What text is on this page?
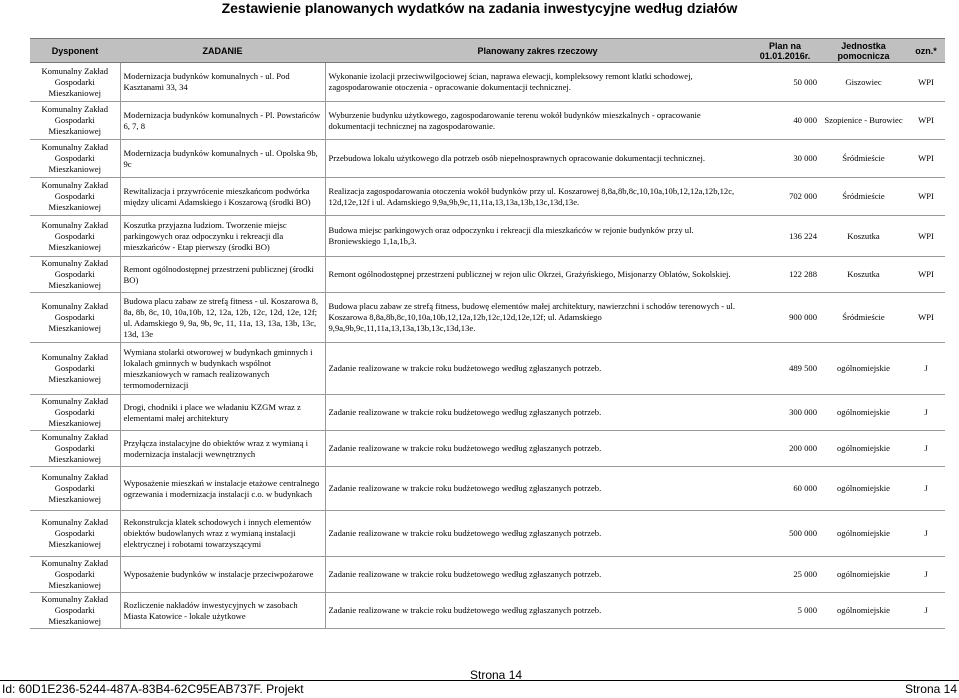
Zestawienie planowanych wydatków na zadania inwestycyjne według działów
Dysponent	ZADANIE	Planowany zakres rzeczowy	Plan na 01.01.2016r.	Jednostka pomocnicza	ozn.*
Komunalny Zakład Gospodarki Mieszkaniowej	Modernizacja budynków komunalnych - ul. Pod Kasztanami 33, 34	Wykonanie izolacji przeciwwilgociowej ścian, naprawa elewacji, kompleksowy remont klatki schodowej, zagospodarowanie otoczenia - opracowanie dokumentacji technicznej.	50 000	Giszowiec	WPI
Komunalny Zakład Gospodarki Mieszkaniowej	Modernizacja budynków komunalnych - Pl. Powstańców 6, 7, 8	Wyburzenie budynku użytkowego, zagospodarowanie terenu wokół budynków mieszkalnych - opracowanie dokumentacji technicznej na zagospodarowanie.	40 000	Szopienice - Burowiec	WPI
Komunalny Zakład Gospodarki Mieszkaniowej	Modernizacja budynków komunalnych - ul. Opolska 9b, 9c	Przebudowa lokalu użytkowego dla potrzeb osób niepełnosprawnych opracowanie dokumentacji technicznej.	30 000	Śródmieście	WPI
Komunalny Zakład Gospodarki Mieszkaniowej	Rewitalizacja i przywrócenie mieszkańcom podwórka między ulicami Adamskiego i Koszarową (środki BO)	Realizacja zagospodarowania otoczenia wokół budynków przy ul. Koszarowej 8,8a,8b,8c,10,10a,10b,12,12a,12b,12c, 12d,12e,12f i ul. Adamskiego 9,9a,9b,9c,11,11a,13,13a,13b,13c,13d,13e.	702 000	Śródmieście	WPI
Komunalny Zakład Gospodarki Mieszkaniowej	Koszutka przyjazna ludziom. Tworzenie miejsc parkingowych oraz odpoczynku i rekreacji dla mieszkańców - Etap pierwszy (środki BO)	Budowa miejsc parkingowych oraz odpoczynku i rekreacji dla mieszkańców w rejonie budynków przy ul. Broniewskiego 1,1a,1b,3.	136 224	Koszutka	WPI
Komunalny Zakład Gospodarki Mieszkaniowej	Remont ogólnodostępnej przestrzeni publicznej (środki BO)	Remont ogólnodostępnej przestrzeni publicznej w rejon ulic Okrzei, Grażyńskiego, Misjonarzy Oblatów, Sokolskiej.	122 288	Koszutka	WPI
Komunalny Zakład Gospodarki Mieszkaniowej	Budowa placu zabaw ze strefą fitness - ul. Koszarowa 8, 8a, 8b, 8c, 10, 10a,10b, 12, 12a, 12b, 12c, 12d, 12e, 12f; ul. Adamskiego 9, 9a, 9b, 9c, 11, 11a, 13, 13a, 13b, 13c, 13d, 13e	Budowa placu zabaw ze strefą fitness, budowę elementów małej architektury, nawierzchni i schodów terenowych - ul. Koszarowa 8,8a,8b,8c,10,10a,10b,12,12a,12b,12c,12d,12e,12f; ul. Adamskiego 9,9a,9b,9c,11,11a,13,13a,13b,13c,13d,13e.	900 000	Śródmieście	WPI
Komunalny Zakład Gospodarki Mieszkaniowej	Wymiana stolarki otworowej w budynkach gminnych i lokalach gminnych w budynkach wspólnot mieszkaniowych w ramach realizowanych termomodernizacji	Zadanie realizowane w trakcie roku budżetowego według zgłaszanych potrzeb.	489 500	ogólnomiejskie	J
Komunalny Zakład Gospodarki Mieszkaniowej	Drogi, chodniki i place we władaniu KZGM wraz z elementami małej architektury	Zadanie realizowane w trakcie roku budżetowego według zgłaszanych potrzeb.	300 000	ogólnomiejskie	J
Komunalny Zakład Gospodarki Mieszkaniowej	Przyłącza instalacyjne do obiektów wraz z wymianą i modernizacja instalacji wewnętrznych	Zadanie realizowane w trakcie roku budżetowego według zgłaszanych potrzeb.	200 000	ogólnomiejskie	J
Komunalny Zakład Gospodarki Mieszkaniowej	Wyposażenie mieszkań w instalacje etażowe centralnego ogrzewania i modernizacja instalacji c.o. w budynkach	Zadanie realizowane w trakcie roku budżetowego według zgłaszanych potrzeb.	60 000	ogólnomiejskie	J
Komunalny Zakład Gospodarki Mieszkaniowej	Rekonstrukcja klatek schodowych i innych elementów obiektów budowlanych wraz z wymianą instalacji elektrycznej i robotami towarzyszącymi	Zadanie realizowane w trakcie roku budżetowego według zgłaszanych potrzeb.	500 000	ogólnomiejskie	J
Komunalny Zakład Gospodarki Mieszkaniowej	Wyposażenie budynków w instalacje przeciwpożarowe	Zadanie realizowane w trakcie roku budżetowego według zgłaszanych potrzeb.	25 000	ogólnomiejskie	J
Komunalny Zakład Gospodarki Mieszkaniowej	Rozliczenie nakładów inwestycyjnych w zasobach Miasta Katowice - lokale użytkowe	Zadanie realizowane w trakcie roku budżetowego według zgłaszanych potrzeb.	5 000	ogólnomiejskie	J
Strona 14
Id: 60D1E236-5244-487A-83B4-62C95EAB737F. Projekt	Strona 14
